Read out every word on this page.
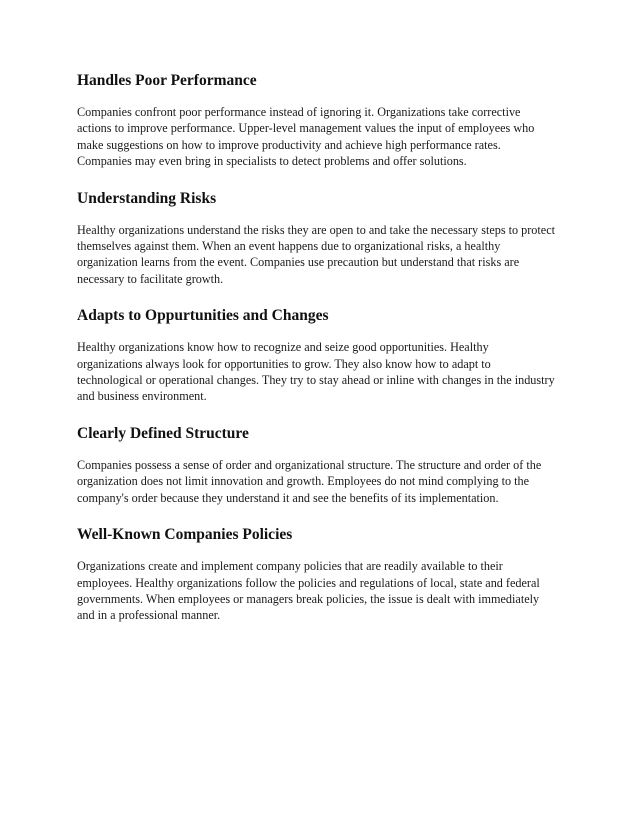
Handles Poor Performance

Companies confront poor performance instead of ignoring it. Organizations take corrective actions to improve performance. Upper-level management values the input of employees who make suggestions on how to improve productivity and achieve high performance rates. Companies may even bring in specialists to detect problems and offer solutions.

Understanding Risks

Healthy organizations understand the risks they are open to and take the necessary steps to protect themselves against them. When an event happens due to organizational risks, a healthy organization learns from the event. Companies use precaution but understand that risks are necessary to facilitate growth.

Adapts to Oppurtunities and Changes

Healthy organizations know how to recognize and seize good opportunities. Healthy organizations always look for opportunities to grow. They also know how to adapt to technological or operational changes. They try to stay ahead or inline with changes in the industry and business environment.

Clearly Defined Structure

Companies possess a sense of order and organizational structure. The structure and order of the organization does not limit innovation and growth. Employees do not mind complying to the company's order because they understand it and see the benefits of its implementation.

Well-Known Companies Policies

Organizations create and implement company policies that are readily available to their employees. Healthy organizations follow the policies and regulations of local, state and federal governments. When employees or managers break policies, the issue is dealt with immediately and in a professional manner.
